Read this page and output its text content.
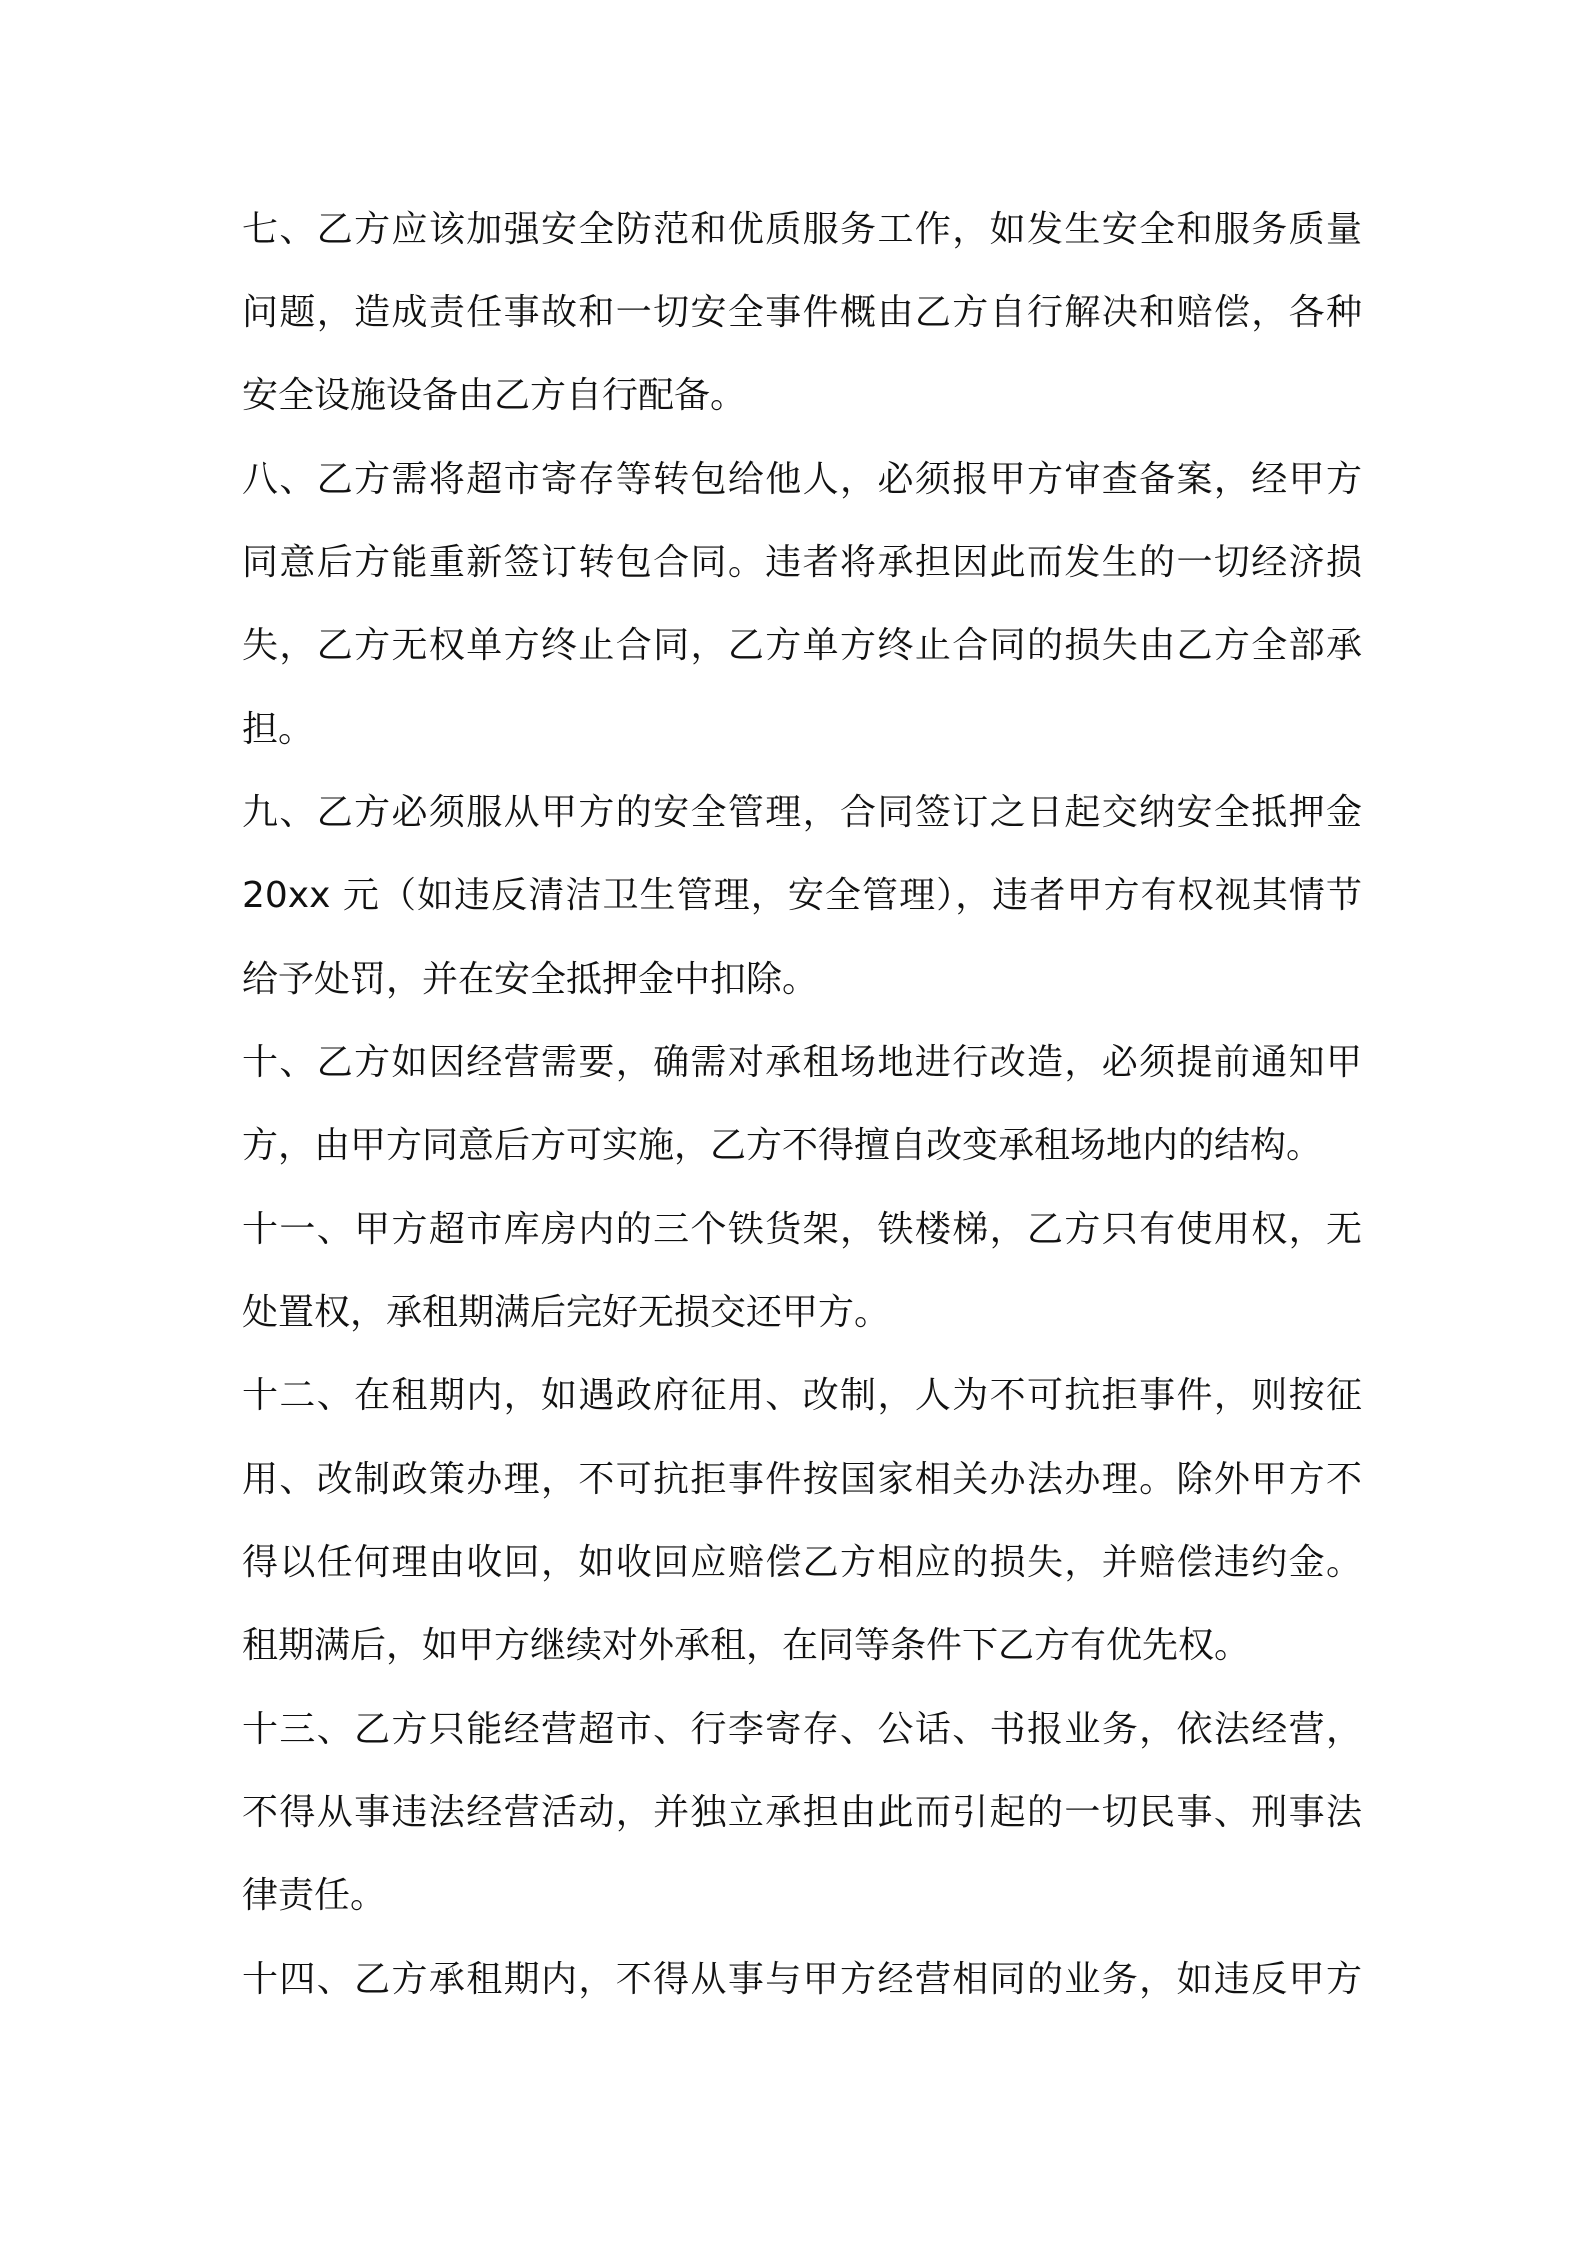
七、乙方应该加强安全防范和优质服务工作，如发生安全和服务质量
问题，造成责任事故和一切安全事件概由乙方自行解决和赔偿，各种
安全设施设备由乙方自行配备。
八、乙方需将超市寄存等转包给他人，必须报甲方审查备案，经甲方
同意后方能重新签订转包合同。违者将承担因此而发生的一切经济损
失，乙方无权单方终止合同，乙方单方终止合同的损失由乙方全部承
担。
九、乙方必须服从甲方的安全管理，合同签订之日起交纳安全抵押金
20xx 元（如违反清洁卫生管理，安全管理），违者甲方有权视其情节
给予处罚，并在安全抵押金中扣除。
十、乙方如因经营需要，确需对承租场地进行改造，必须提前通知甲
方，由甲方同意后方可实施，乙方不得擅自改变承租场地内的结构。
十一、甲方超市库房内的三个铁货架，铁楼梯，乙方只有使用权，无
处置权，承租期满后完好无损交还甲方。
十二、在租期内，如遇政府征用、改制，人为不可抗拒事件，则按征
用、改制政策办理，不可抗拒事件按国家相关办法办理。除外甲方不
得以任何理由收回，如收回应赔偿乙方相应的损失，并赔偿违约金。
租期满后，如甲方继续对外承租，在同等条件下乙方有优先权。
十三、乙方只能经营超市、行李寄存、公话、书报业务，依法经营，
不得从事违法经营活动，并独立承担由此而引起的一切民事、刑事法
律责任。
十四、乙方承租期内，不得从事与甲方经营相同的业务，如违反甲方
